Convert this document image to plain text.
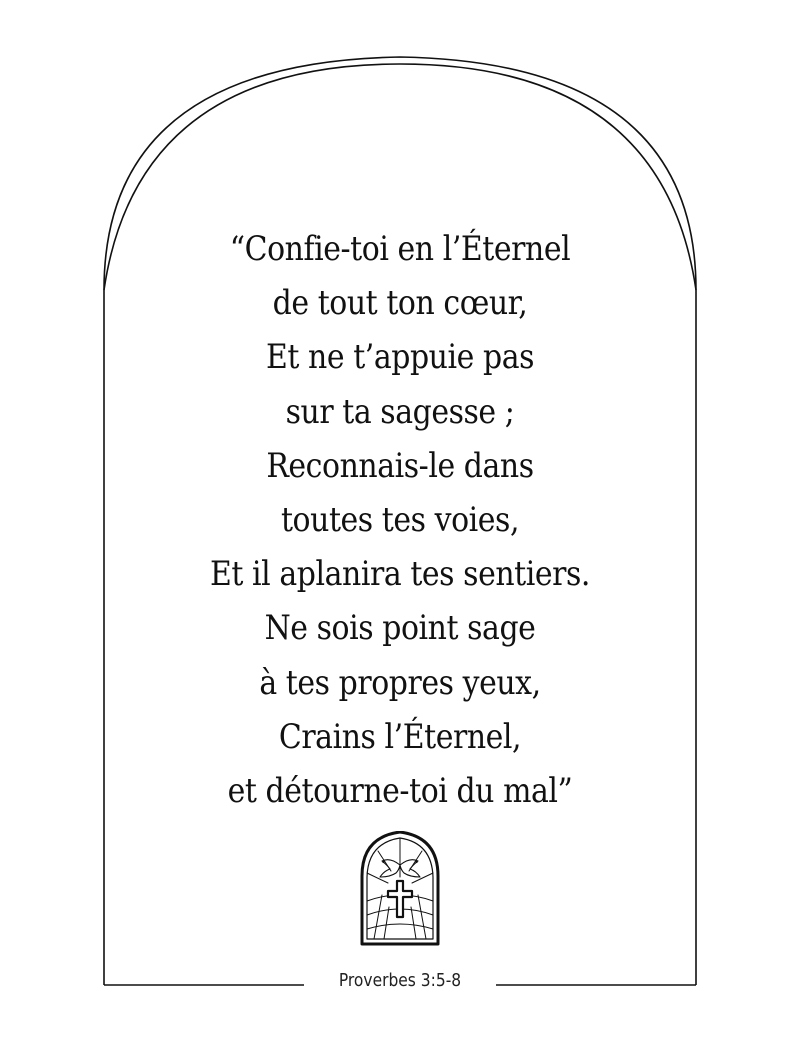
“Confie-toi en l’Éternel
de tout ton cœur,
Et ne t’appuie pas
sur ta sagesse ;
Reconnais-le dans
toutes tes voies,
Et il aplanira tes sentiers.
Ne sois point sage
à tes propres yeux,
Crains l’Éternel,
et détourne-toi du mal”
Proverbes 3:5-8
